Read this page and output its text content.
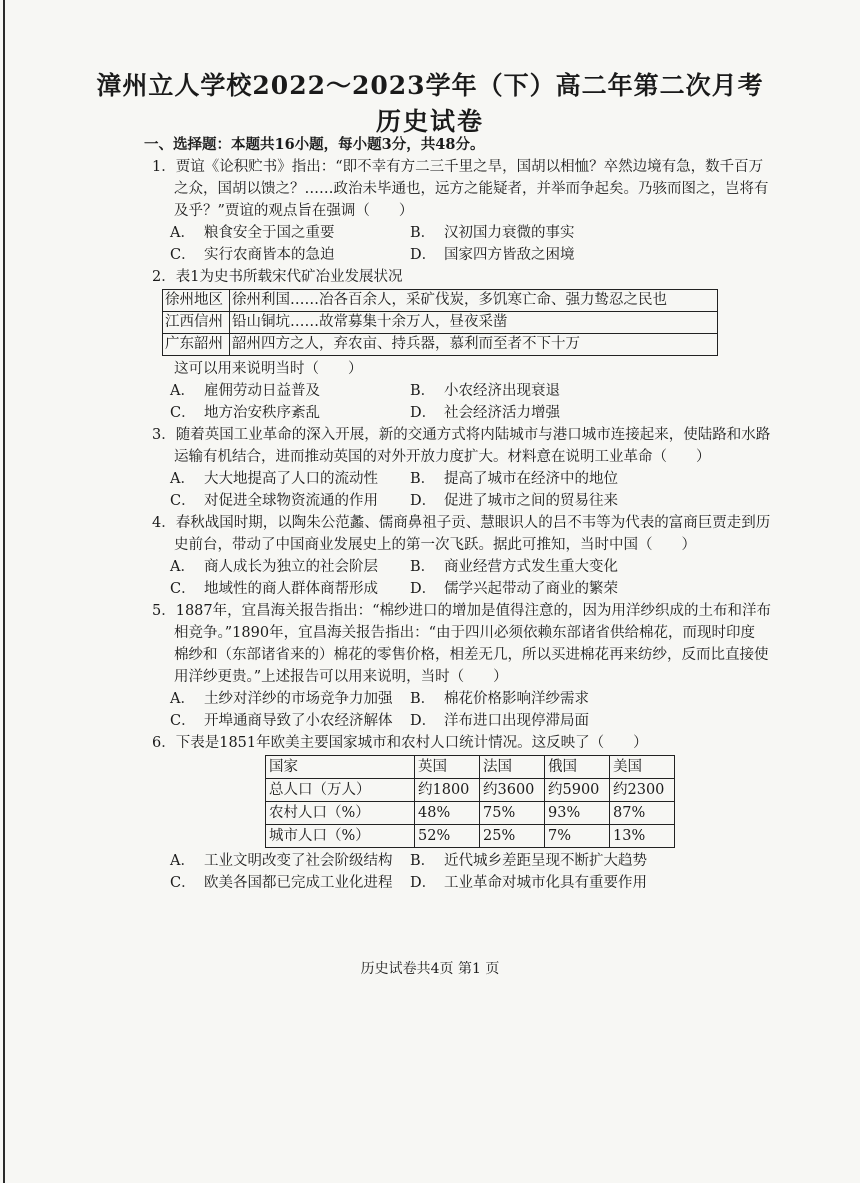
漳州立人学校2022～2023学年（下）高二年第二次月考
历史试卷
一、选择题：本题共16小题，每小题3分，共48分。
1．贾谊《论积贮书》指出：“即不幸有方二三千里之旱，国胡以相恤？卒然边境有急，数千百万
之众，国胡以馈之？……政治未毕通也，远方之能疑者，并举而争起矣。乃骇而图之，岂将有
及乎？”贾谊的观点旨在强调（　　）
A． 粮食安全于国之重要	B． 汉初国力衰微的事实
C． 实行农商皆本的急迫	D． 国家四方皆敌之困境
2．表1为史书所载宋代矿冶业发展状况
徐州地区	徐州利国……冶各百余人，采矿伐炭，多饥寒亡命、强力鸷忍之民也
江西信州	铅山铜坑……故常募集十余万人，昼夜采凿
广东韶州	韶州四方之人，弃农亩、持兵器，慕利而至者不下十万
这可以用来说明当时（　　）
A． 雇佣劳动日益普及	B． 小农经济出现衰退
C． 地方治安秩序紊乱	D． 社会经济活力增强
3．随着英国工业革命的深入开展，新的交通方式将内陆城市与港口城市连接起来，使陆路和水路
运输有机结合，进而推动英国的对外开放力度扩大。材料意在说明工业革命（　　）
A． 大大地提高了人口的流动性	B． 提高了城市在经济中的地位
C． 对促进全球物资流通的作用	D． 促进了城市之间的贸易往来
4．春秋战国时期，以陶朱公范蠡、儒商鼻祖子贡、慧眼识人的吕不韦等为代表的富商巨贾走到历
史前台，带动了中国商业发展史上的第一次飞跃。据此可推知，当时中国（　　）
A． 商人成长为独立的社会阶层	B． 商业经营方式发生重大变化
C． 地域性的商人群体商帮形成	D． 儒学兴起带动了商业的繁荣
5．1887年，宜昌海关报告指出：“棉纱进口的增加是值得注意的，因为用洋纱织成的土布和洋布
相竞争。”1890年，宜昌海关报告指出：“由于四川必须依赖东部诸省供给棉花，而现时印度
棉纱和（东部诸省来的）棉花的零售价格，相差无几，所以买进棉花再来纺纱，反而比直接使
用洋纱更贵。”上述报告可以用来说明，当时（　　）
A． 土纱对洋纱的市场竞争力加强	B． 棉花价格影响洋纱需求
C． 开埠通商导致了小农经济解体	D． 洋布进口出现停滞局面
6．下表是1851年欧美主要国家城市和农村人口统计情况。这反映了（　　）
国家	英国	法国	俄国	美国
总人口（万人）	约1800	约3600	约5900	约2300
农村人口（%）	48%	75%	93%	87%
城市人口（%）	52%	25%	7%	13%
A． 工业文明改变了社会阶级结构	B． 近代城乡差距呈现不断扩大趋势
C． 欧美各国都已完成工业化进程	D． 工业革命对城市化具有重要作用
历史试卷共4页 第1 页
